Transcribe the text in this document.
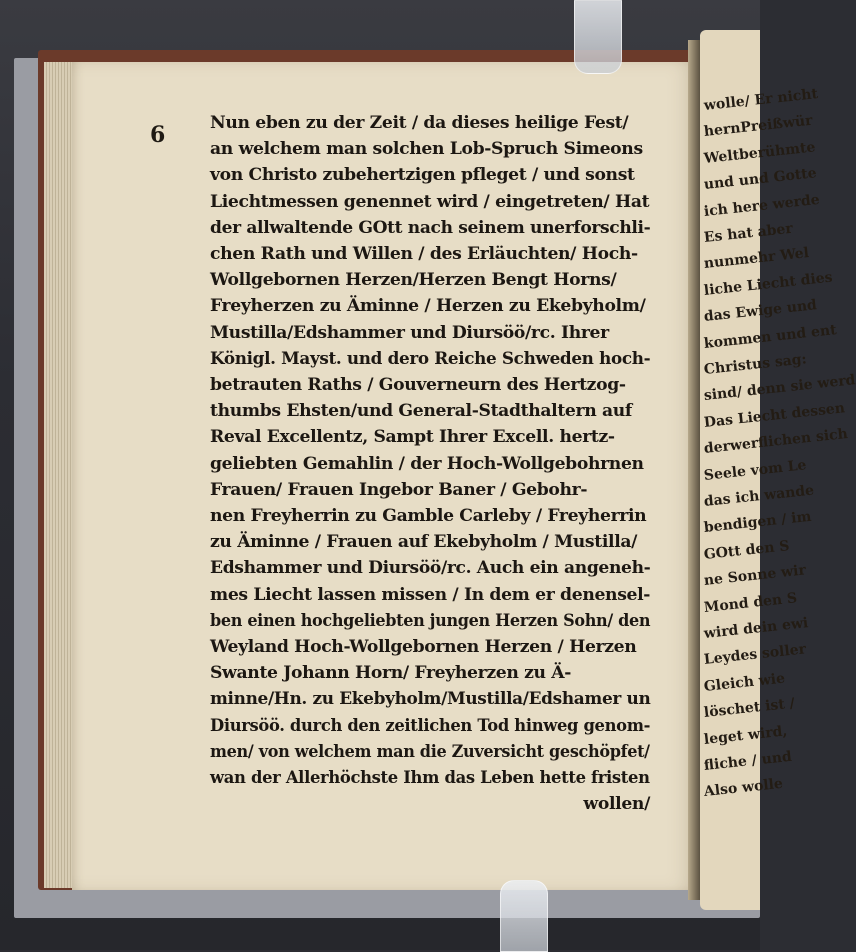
wolle/ Er nicht
hernPreißwür
Weltberühmte
und und Gotte
ich here werde
Es hat aber
nunmehr Wel
liche Liecht dies
das Ewige und
kommen und ent
Christus sag:
sind/ denn sie werd
Das Liecht dessen
derwerflichen sich
Seele vom Le
das ich wande
bendigen / im
GOtt den S
ne Sonne wir
Mond den S
wird dein ewi
Leydes soller
Gleich wie
löschet ist /
leget wird,
fliche / und
Also wolle
6	Nun eben zu der Zeit / da dieses heilige Fest/
an welchem man solchen Lob-Spruch Simeons
von Christo zubehertzigen pfleget / und sonst
Liechtmessen genennet wird / eingetreten/ Hat
der allwaltende GOtt nach seinem unerforschli-
chen Rath und Willen / des Erläuchten/ Hoch-
Wollgebornen Herzen/Herzen Bengt Horns/
Freyherzen zu Äminne / Herzen zu Ekebyholm/
Mustilla/Edshammer und Diursöö/rc. Ihrer
Königl. Mayst. und dero Reiche Schweden hoch-
betrauten Raths / Gouverneurn des Hertzog-
thumbs Ehsten/und General-Stadthaltern auf
Reval Excellentz, Sampt Ihrer Excell. hertz-
geliebten Gemahlin / der Hoch-Wollgebohrnen
Frauen/ Frauen Ingebor Baner / Gebohr-
nen Freyherrin zu Gamble Carleby / Freyherrin
zu Äminne / Frauen auf Ekebyholm / Mustilla/
Edshammer und Diursöö/rc. Auch ein angeneh-
mes Liecht lassen missen / In dem er denensel-
ben einen hochgeliebten jungen Herzen Sohn/ den
Weyland Hoch-Wollgebornen Herzen / Herzen
Swante Johann Horn/ Freyherzen zu Ä-
minne/Hn. zu Ekebyholm/Mustilla/Edshamer un
Diursöö. durch den zeitlichen Tod hinweg genom-
men/ von welchem man die Zuversicht geschöpfet/
wan der Allerhöchste Ihm das Leben hette fristen
wollen/
